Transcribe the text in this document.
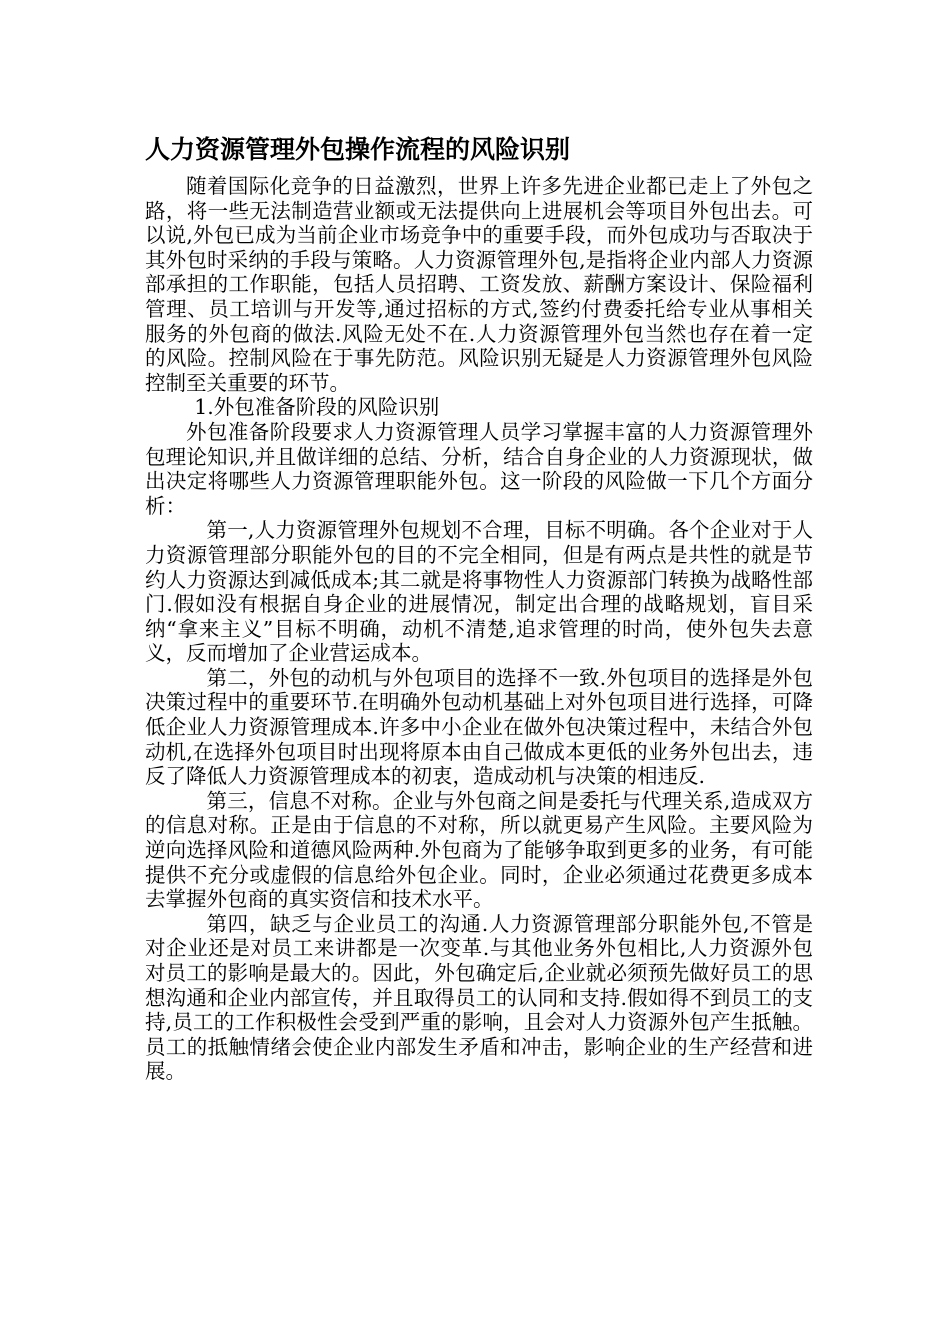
人力资源管理外包操作流程的风险识别

随着国际化竞争的日益激烈，世界上许多先进企业都已走上了外包之路，将一些无法制造营业额或无法提供向上进展机会等项目外包出去。可以说,外包已成为当前企业市场竞争中的重要手段，而外包成功与否取决于其外包时采纳的手段与策略。人力资源管理外包,是指将企业内部人力资源部承担的工作职能，包括人员招聘、工资发放、薪酬方案设计、保险福利管理、员工培训与开发等,通过招标的方式,签约付费委托给专业从事相关服务的外包商的做法.风险无处不在.人力资源管理外包当然也存在着一定的风险。控制风险在于事先防范。风险识别无疑是人力资源管理外包风险控制至关重要的环节。

1.外包准备阶段的风险识别

外包准备阶段要求人力资源管理人员学习掌握丰富的人力资源管理外包理论知识,并且做详细的总结、分析，结合自身企业的人力资源现状，做出决定将哪些人力资源管理职能外包。这一阶段的风险做一下几个方面分析：

第一,人力资源管理外包规划不合理，目标不明确。各个企业对于人力资源管理部分职能外包的目的不完全相同，但是有两点是共性的就是节约人力资源达到减低成本;其二就是将事物性人力资源部门转换为战略性部门.假如没有根据自身企业的进展情况，制定出合理的战略规划，盲目采纳“拿来主义”目标不明确，动机不清楚,追求管理的时尚，使外包失去意义，反而增加了企业营运成本。

第二，外包的动机与外包项目的选择不一致.外包项目的选择是外包决策过程中的重要环节.在明确外包动机基础上对外包项目进行选择，可降低企业人力资源管理成本.许多中小企业在做外包决策过程中，未结合外包动机,在选择外包项目时出现将原本由自己做成本更低的业务外包出去，违反了降低人力资源管理成本的初衷，造成动机与决策的相违反.

第三，信息不对称。企业与外包商之间是委托与代理关系,造成双方的信息对称。正是由于信息的不对称，所以就更易产生风险。主要风险为逆向选择风险和道德风险两种.外包商为了能够争取到更多的业务，有可能提供不充分或虚假的信息给外包企业。同时，企业必须通过花费更多成本去掌握外包商的真实资信和技术水平。

第四，缺乏与企业员工的沟通.人力资源管理部分职能外包,不管是对企业还是对员工来讲都是一次变革.与其他业务外包相比,人力资源外包对员工的影响是最大的。因此，外包确定后,企业就必须预先做好员工的思想沟通和企业内部宣传，并且取得员工的认同和支持.假如得不到员工的支持,员工的工作积极性会受到严重的影响，且会对人力资源外包产生抵触。员工的抵触情绪会使企业内部发生矛盾和冲击，影响企业的生产经营和进展。
